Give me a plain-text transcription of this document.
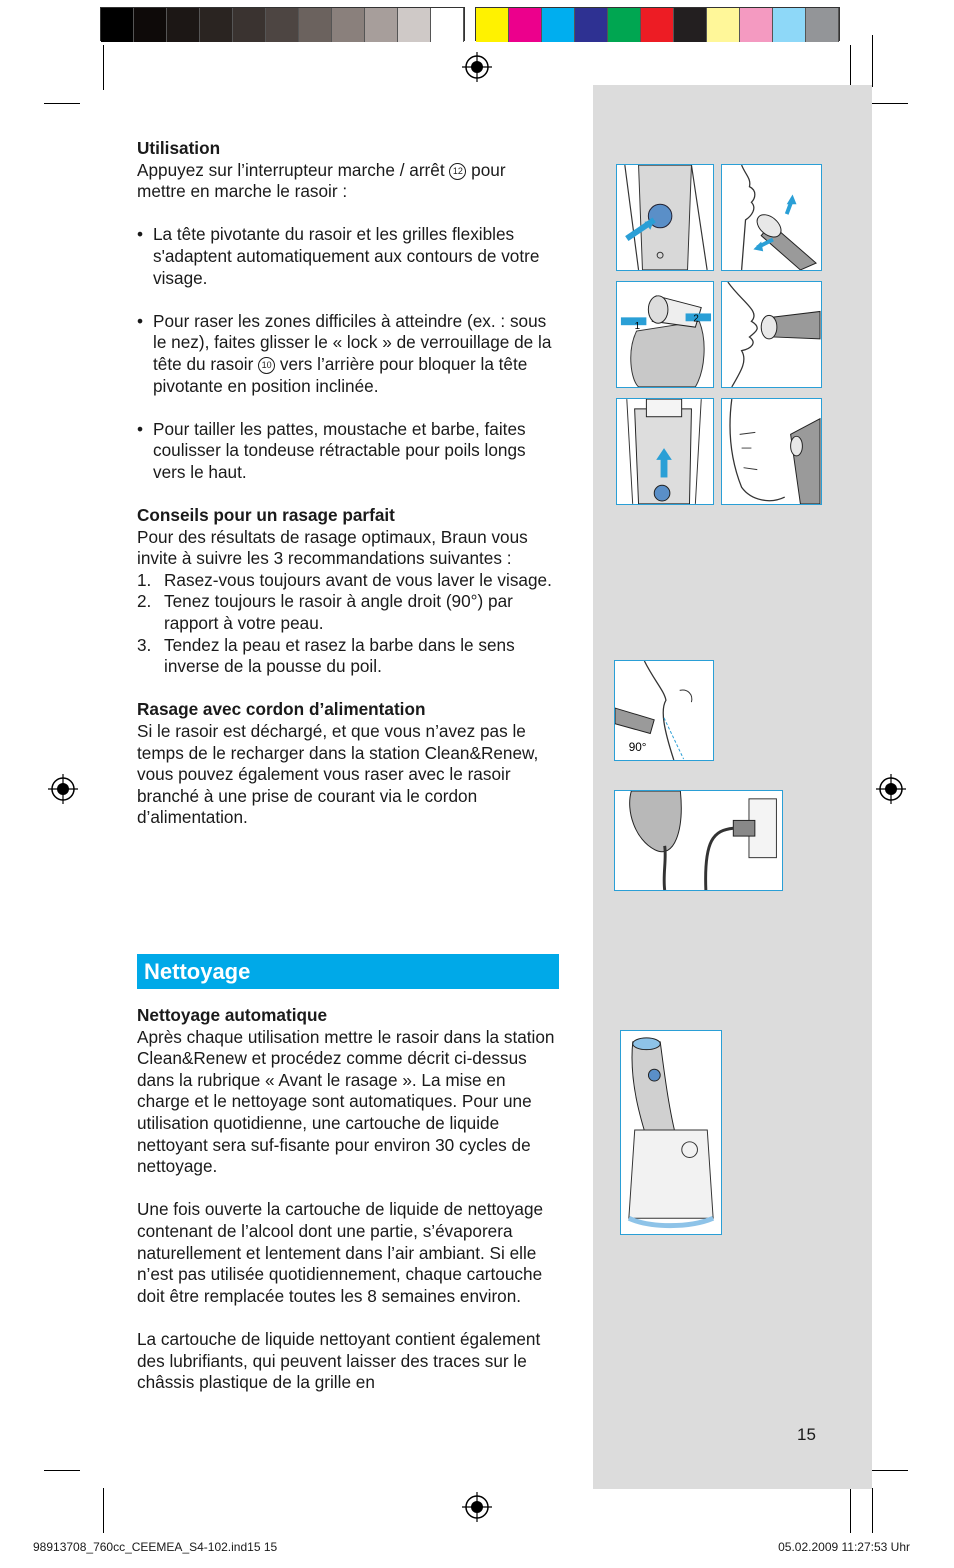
Utilisation

Appuyez sur l’interrupteur marche / arrêt 12 pour mettre en marche le rasoir :

• La tête pivotante du rasoir et les grilles flexibles s'adaptent automatiquement aux contours de votre visage.
• Pour raser les zones difficiles à atteindre (ex. : sous le nez), faites glisser le « lock » de verrouillage de la tête du rasoir 10 vers l’arrière pour bloquer la tête pivotante en position inclinée.
• Pour tailler les pattes, moustache et barbe, faites coulisser la tondeuse rétractable pour poils longs vers le haut.

Conseils pour un rasage parfait

Pour des résultats de rasage optimaux, Braun vous invite à suivre les 3 recommandations suivantes :

1. Rasez-vous toujours avant de vous laver le visage.
2. Tenez toujours le rasoir à angle droit (90°) par rapport à votre peau.
3. Tendez la peau et rasez la barbe dans le sens inverse de la pousse du poil.

Rasage avec cordon d’alimentation

Si le rasoir est déchargé, et que vous n’avez pas le temps de le recharger dans la station Clean&Renew, vous pouvez également vous raser avec le rasoir branché à une prise de courant via le cordon d’alimentation.

Nettoyage

Nettoyage automatique

Après chaque utilisation mettre le rasoir dans la station Clean&Renew et procédez comme décrit ci-dessus dans la rubrique « Avant le rasage ». La mise en charge et le nettoyage sont automatiques. Pour une utilisation quotidienne, une cartouche de liquide nettoyant sera suf-fisante pour environ 30 cycles de nettoyage.

Une fois ouverte la cartouche de liquide de nettoyage contenant de l’alcool dont une partie, s’évaporera naturellement et lentement dans l’air ambiant. Si elle n’est pas utilisée quotidiennement, chaque cartouche doit être remplacée toutes les 8 semaines environ.

La cartouche de liquide nettoyant contient également des lubrifiants, qui peuvent laisser des traces sur le châssis plastique de la grille en

1
2
90°
15
98913708_760cc_CEEMEA_S4-102.ind15 15	05.02.2009 11:27:53 Uhr
